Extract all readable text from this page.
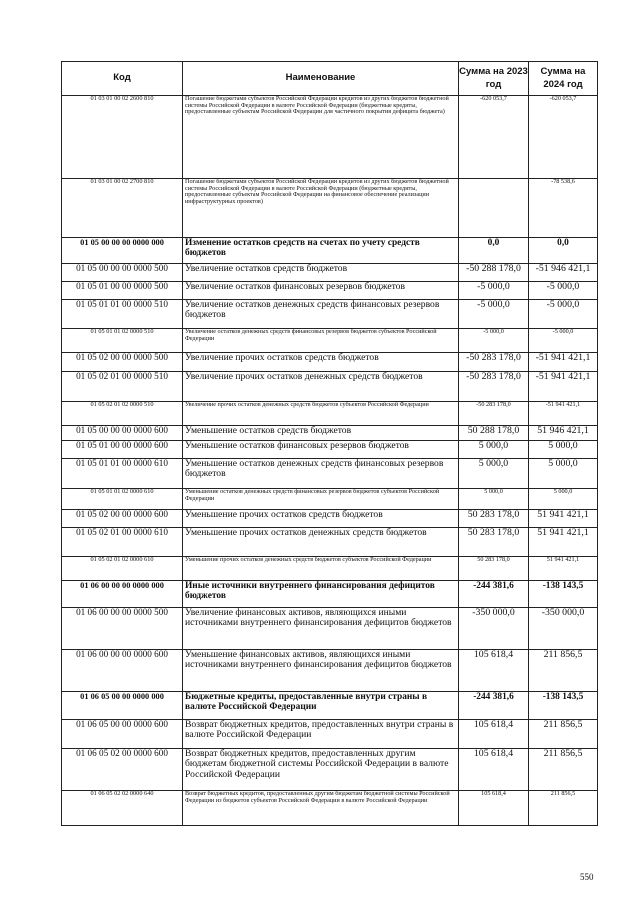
Код	Наименование	Сумма на 2023 год	Сумма на 2024 год
01 03 01 00 02 2600 810	Погашение бюджетами субъектов Российской Федерации кредитов из других бюджетов бюджетной системы Российской Федерации в валюте Российской Федерации (бюджетные кредиты, предоставленные субъектам Российской Федерации для частичного покрытия дефицита бюджета)	-620 053,7	-620 053,7
01 03 01 00 02 2700 810	Погашение бюджетами субъектов Российской Федерации кредитов из других бюджетов бюджетной системы Российской Федерации в валюте Российской Федерации (бюджетные кредиты, предоставленные субъектам Российской Федерации на финансовое обеспечение реализации инфраструктурных проектов)		-78 538,6
01 05 00 00 00 0000 000	Изменение остатков средств на счетах по учету средств бюджетов	0,0	0,0
01 05 00 00 00 0000 500	Увеличение остатков средств бюджетов	-50 288 178,0	-51 946 421,1
01 05 01 00 00 0000 500	Увеличение остатков финансовых резервов бюджетов	-5 000,0	-5 000,0
01 05 01 01 00 0000 510	Увеличение остатков денежных средств финансовых резервов бюджетов	-5 000,0	-5 000,0
01 05 01 01 02 0000 510	Увеличение остатков денежных средств финансовых резервов бюджетов субъектов Российской Федерации	-5 000,0	-5 000,0
01 05 02 00 00 0000 500	Увеличение прочих остатков средств бюджетов	-50 283 178,0	-51 941 421,1
01 05 02 01 00 0000 510	Увеличение прочих остатков денежных средств бюджетов	-50 283 178,0	-51 941 421,1
01 05 02 01 02 0000 510	Увеличение прочих остатков денежных средств бюджетов субъектов Российской Федерации	-50 283 178,0	-51 941 421,1
01 05 00 00 00 0000 600	Уменьшение остатков средств бюджетов	50 288 178,0	51 946 421,1
01 05 01 00 00 0000 600	Уменьшение остатков финансовых резервов бюджетов	5 000,0	5 000,0
01 05 01 01 00 0000 610	Уменьшение остатков денежных средств финансовых резервов бюджетов	5 000,0	5 000,0
01 05 01 01 02 0000 610	Уменьшение остатков денежных средств финансовых резервов бюджетов субъектов Российской Федерации	5 000,0	5 000,0
01 05 02 00 00 0000 600	Уменьшение прочих остатков средств бюджетов	50 283 178,0	51 941 421,1
01 05 02 01 00 0000 610	Уменьшение прочих остатков денежных средств бюджетов	50 283 178,0	51 941 421,1
01 05 02 01 02 0000 610	Уменьшение прочих остатков денежных средств бюджетов субъектов Российской Федерации	50 283 178,0	51 941 421,1
01 06 00 00 00 0000 000	Иные источники внутреннего финансирования дефицитов бюджетов	-244 381,6	-138 143,5
01 06 00 00 00 0000 500	Увеличение финансовых активов, являющихся иными источниками внутреннего финансирования дефицитов бюджетов	-350 000,0	-350 000,0
01 06 00 00 00 0000 600	Уменьшение финансовых активов, являющихся иными источниками внутреннего финансирования дефицитов бюджетов	105 618,4	211 856,5
01 06 05 00 00 0000 000	Бюджетные кредиты, предоставленные внутри страны в валюте Российской Федерации	-244 381,6	-138 143,5
01 06 05 00 00 0000 600	Возврат бюджетных кредитов, предоставленных внутри страны в валюте Российской Федерации	105 618,4	211 856,5
01 06 05 02 00 0000 600	Возврат бюджетных кредитов, предоставленных другим бюджетам бюджетной системы Российской Федерации в валюте Российской Федерации	105 618,4	211 856,5
01 06 05 02 02 0000 640	Возврат бюджетных кредитов, предоставленных другим бюджетам бюджетной системы Российской Федерации из бюджетов субъектов Российской Федерации в валюте Российской Федерации	105 618,4	211 856,5
550
